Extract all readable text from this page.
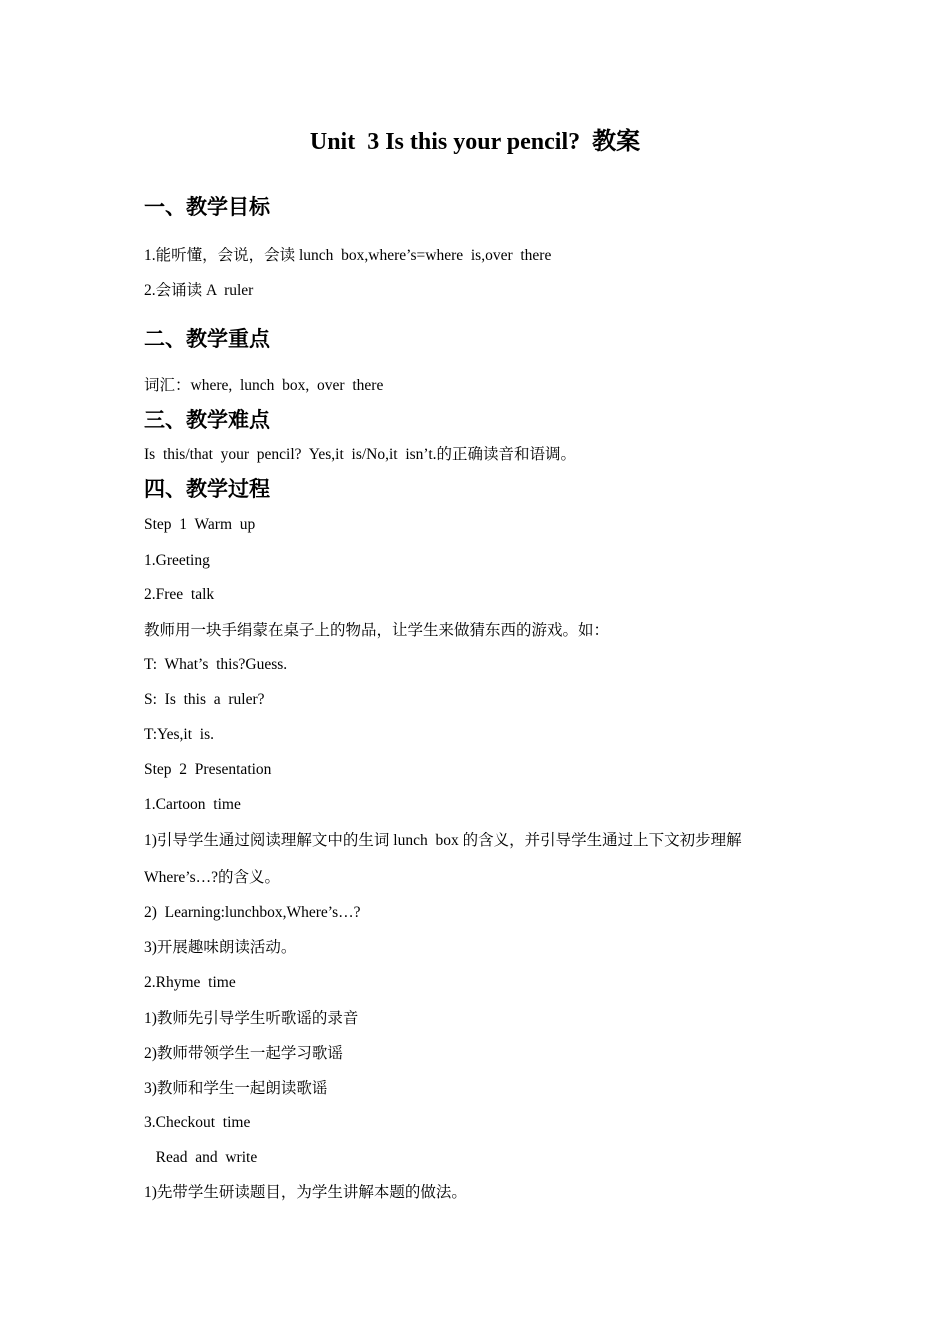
Unit  3 Is this your pencil?  教案
一、教学目标
1.能听懂，会说，会读 lunch  box,where’s=where  is,over  there
2.会诵读 A  ruler
二、教学重点
词汇：where,  lunch  box,  over  there
三、教学难点
Is  this/that  your  pencil?  Yes,it  is/No,it  isn’t.的正确读音和语调。
四、教学过程
Step  1  Warm  up
1.Greeting
2.Free  talk
教师用一块手绢蒙在桌子上的物品，让学生来做猜东西的游戏。如：
T:  What’s  this?Guess.
S:  Is  this  a  ruler?
T:Yes,it  is.
Step  2  Presentation
1.Cartoon  time
1)引导学生通过阅读理解文中的生词 lunch  box 的含义，并引导学生通过上下文初步理解
Where’s…?的含义。
2)  Learning:lunchbox,Where’s…?
3)开展趣味朗读活动。
2.Rhyme  time
1)教师先引导学生听歌谣的录音
2)教师带领学生一起学习歌谣
3)教师和学生一起朗读歌谣
3.Checkout  time
Read  and  write
1)先带学生研读题目，为学生讲解本题的做法。
